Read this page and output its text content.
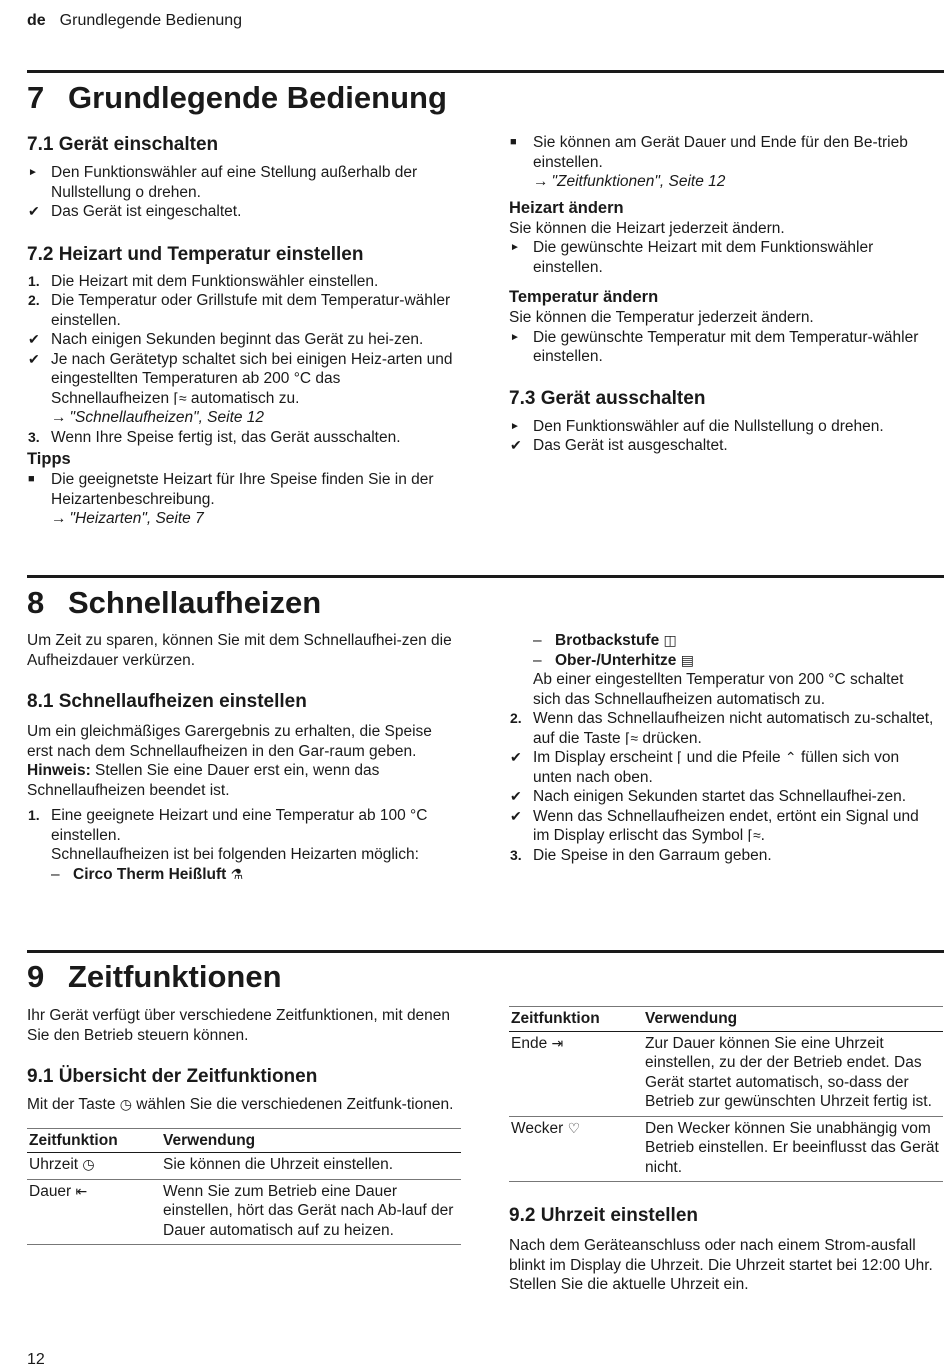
de Grundlegende Bedienung
7 Grundlegende Bedienung
7.1 Gerät einschalten
► Den Funktionswähler auf eine Stellung außerhalb der Nullstellung o drehen.
✔ Das Gerät ist eingeschaltet.
7.2 Heizart und Temperatur einstellen
1. Die Heizart mit dem Funktionswähler einstellen.
2. Die Temperatur oder Grillstufe mit dem Temperatur-wähler einstellen.
✔ Nach einigen Sekunden beginnt das Gerät zu hei-zen.
✔ Je nach Gerätetyp schaltet sich bei einigen Heiz-arten und eingestellten Temperaturen ab 200 °C das Schnellaufheizen ⌈≈ automatisch zu.
→ "Schnellaufheizen", Seite 12
3. Wenn Ihre Speise fertig ist, das Gerät ausschalten.
Tipps
■	Die geeignetste Heizart für Ihre Speise finden Sie in der Heizartenbeschreibung.
→ "Heizarten", Seite 7
■	Sie können am Gerät Dauer und Ende für den Be-trieb einstellen.
→ "Zeitfunktionen", Seite 12
Heizart ändern

Sie können die Heizart jederzeit ändern.

► Die gewünschte Heizart mit dem Funktionswähler einstellen.
Temperatur ändern

Sie können die Temperatur jederzeit ändern.

► Die gewünschte Temperatur mit dem Temperatur-wähler einstellen.
7.3 Gerät ausschalten
► Den Funktionswähler auf die Nullstellung o drehen.
✔ Das Gerät ist ausgeschaltet.
8 Schnellaufheizen

Um Zeit zu sparen, können Sie mit dem Schnellaufhei-zen die Aufheizdauer verkürzen.

8.1 Schnellaufheizen einstellen

Um ein gleichmäßiges Garergebnis zu erhalten, die Speise erst nach dem Schnellaufheizen in den Gar-raum geben.

Hinweis: Stellen Sie eine Dauer erst ein, wenn das Schnellaufheizen beendet ist.

1. Eine geeignete Heizart und eine Temperatur ab 100 °C einstellen.
Schnellaufheizen ist bei folgenden Heizarten möglich:
– Circo Therm Heißluft ⚗
– Brotbackstufe ◫
– Ober-/Unterhitze ▤

Ab einer eingestellten Temperatur von 200 °C schaltet sich das Schnellaufheizen automatisch zu.

2. Wenn das Schnellaufheizen nicht automatisch zu-schaltet, auf die Taste ⌈≈ drücken.
✔ Im Display erscheint ⌈ und die Pfeile ⌃ füllen sich von unten nach oben.
✔ Nach einigen Sekunden startet das Schnellaufhei-zen.
✔ Wenn das Schnellaufheizen endet, ertönt ein Signal und im Display erlischt das Symbol ⌈≈.
3. Die Speise in den Garraum geben.
9 Zeitfunktionen

Ihr Gerät verfügt über verschiedene Zeitfunktionen, mit denen Sie den Betrieb steuern können.

9.1 Übersicht der Zeitfunktionen

Mit der Taste ◷ wählen Sie die verschiedenen Zeitfunk-tionen.

Zeitfunktion	Verwendung
Uhrzeit ◷	Sie können die Uhrzeit einstellen.
Dauer ⇤	Wenn Sie zum Betrieb eine Dauer einstellen, hört das Gerät nach Ab-lauf der Dauer automatisch auf zu heizen.
Zeitfunktion	Verwendung
Ende ⇥	Zur Dauer können Sie eine Uhrzeit einstellen, zu der der Betrieb endet. Das Gerät startet automatisch, so-dass der Betrieb zur gewünschten Uhrzeit fertig ist.
Wecker ♡	Den Wecker können Sie unabhängig vom Betrieb einstellen. Er beeinflusst das Gerät nicht.
9.2 Uhrzeit einstellen

Nach dem Geräteanschluss oder nach einem Strom-ausfall blinkt im Display die Uhrzeit. Die Uhrzeit startet bei 12:00 Uhr. Stellen Sie die aktuelle Uhrzeit ein.

12
